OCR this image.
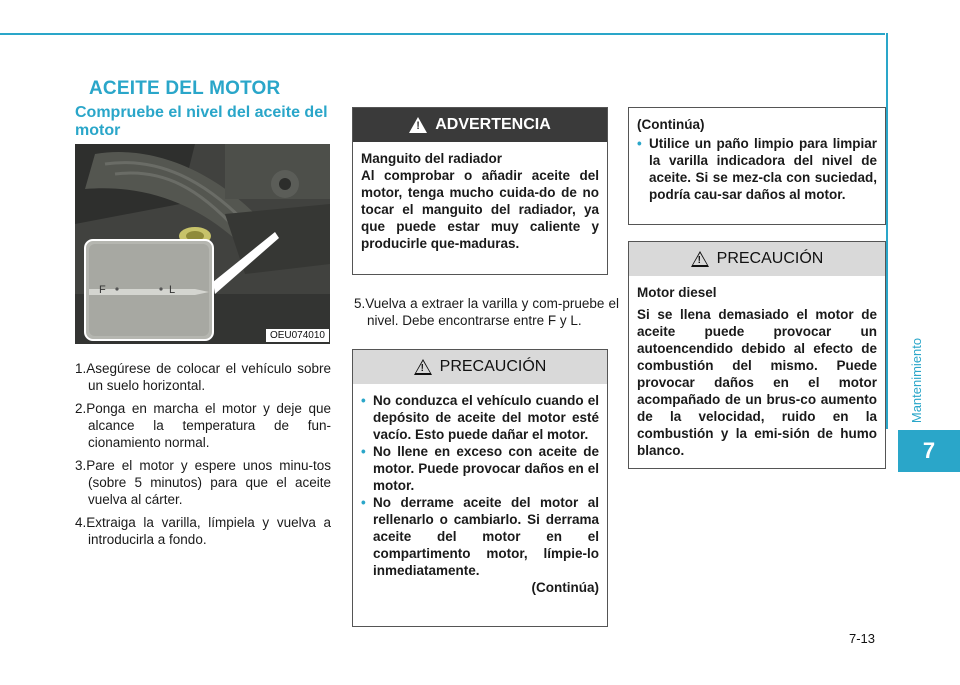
Mantenimiento
7
ACEITE DEL MOTOR
Compruebe el nivel del aceite del motor
F	L
OEU074010
1.Asegúrese de colocar el vehículo sobre un suelo horizontal.
2.Ponga en marcha el motor y deje que alcance la temperatura de fun-cionamiento normal.
3.Pare el motor y espere unos minu-tos (sobre 5 minutos) para que el aceite vuelva al cárter.
4.Extraiga la varilla, límpiela y vuelva a introducirla a fondo.
!
ADVERTENCIA

Manguito del radiador

Al comprobar o añadir aceite del motor, tenga mucho cuida-do de no tocar el manguito del radiador, ya que puede estar muy caliente y producirle que-maduras.

5.Vuelva a extraer la varilla y com-pruebe el nivel. Debe encontrarse entre F y L.

!
PRECAUCIÓN

• No conduzca el vehículo cuando el depósito de aceite del motor esté vacío. Esto puede dañar el motor.

• No llene en exceso con aceite de motor. Puede provocar daños en el motor.

• No derrame aceite del motor al rellenarlo o cambiarlo. Si derrama aceite del motor en el compartimento motor, límpie-lo inmediatamente.

(Continúa)

(Continúa)

• Utilice un paño limpio para limpiar la varilla indicadora del nivel de aceite. Si se mez-cla con suciedad, podría cau-sar daños al motor.

!
PRECAUCIÓN

Motor diesel

Si se llena demasiado el motor de aceite puede provocar un autoencendido debido al efecto de combustión del mismo. Puede provocar daños en el motor acompañado de un brus-co aumento de la velocidad, ruido en la combustión y la emi-sión de humo blanco.

7-13
